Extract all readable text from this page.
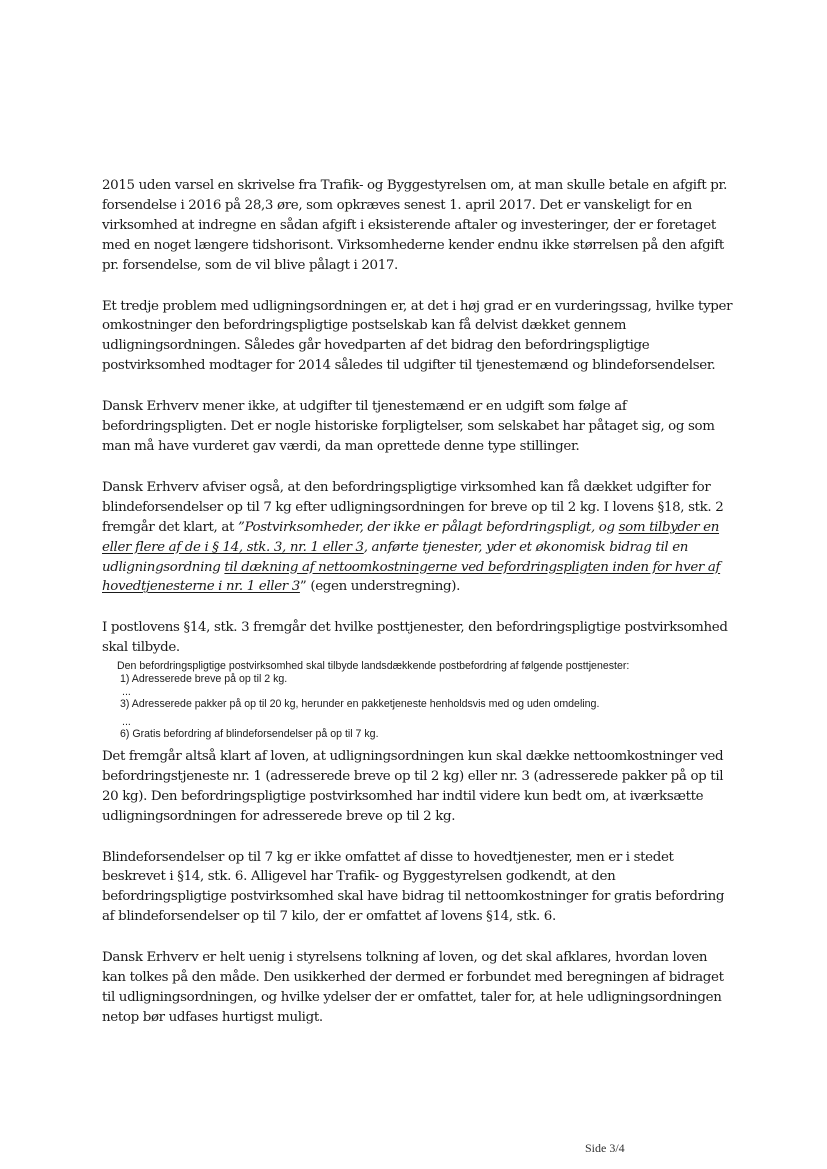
2015 uden varsel en skrivelse fra Trafik- og Byggestyrelsen om, at man skulle betale en afgift pr. forsendelse i 2016 på 28,3 øre, som opkræves senest 1. april 2017. Det er vanskeligt for en virksomhed at indregne en sådan afgift i eksisterende aftaler og investeringer, der er foretaget med en noget længere tidshorisont. Virksomhederne kender endnu ikke størrelsen på den afgift pr. forsendelse, som de vil blive pålagt i 2017.

Et tredje problem med udligningsordningen er, at det i høj grad er en vurderingssag, hvilke typer omkostninger den befordringspligtige postselskab kan få delvist dækket gennem udligningsordningen. Således går hovedparten af det bidrag den befordringspligtige postvirksomhed modtager for 2014 således til udgifter til tjenestemænd og blindeforsendelser.

Dansk Erhverv mener ikke, at udgifter til tjenestemænd er en udgift som følge af befordringspligten. Det er nogle historiske forpligtelser, som selskabet har påtaget sig, og som man må have vurderet gav værdi, da man oprettede denne type stillinger.

Dansk Erhverv afviser også, at den befordringspligtige virksomhed kan få dækket udgifter for blindeforsendelser op til 7 kg efter udligningsordningen for breve op til 2 kg. I lovens §18, stk. 2 fremgår det klart, at ”Postvirksomheder, der ikke er pålagt befordringspligt, og som tilbyder en eller flere af de i § 14, stk. 3, nr. 1 eller 3, anførte tjenester, yder et økonomisk bidrag til en udligningsordning til dækning af nettoomkostningerne ved befordringspligten inden for hver af hovedtjenesterne i nr. 1 eller 3” (egen understregning).

I postlovens §14, stk. 3 fremgår det hvilke posttjenester, den befordringspligtige postvirksomhed skal tilbyde.

Den befordringspligtige postvirksomhed skal tilbyde landsdækkende postbefordring af følgende posttjenester:

1) Adresserede breve på op til 2 kg.

...

3) Adresserede pakker på op til 20 kg, herunder en pakketjeneste henholdsvis med og uden omdeling.

...

6) Gratis befordring af blindeforsendelser på op til 7 kg.

Det fremgår altså klart af loven, at udligningsordningen kun skal dække nettoomkostninger ved befordringstjeneste nr. 1 (adresserede breve op til 2 kg) eller nr. 3 (adresserede pakker på op til 20 kg). Den befordringspligtige postvirksomhed har indtil videre kun bedt om, at iværksætte udligningsordningen for adresserede breve op til 2 kg.

Blindeforsendelser op til 7 kg er ikke omfattet af disse to hovedtjenester, men er i stedet beskrevet i §14, stk. 6. Alligevel har Trafik- og Byggestyrelsen godkendt, at den befordringspligtige postvirksomhed skal have bidrag til nettoomkostninger for gratis befordring af blindeforsendelser op til 7 kilo, der er omfattet af lovens §14, stk. 6.

Dansk Erhverv er helt uenig i styrelsens tolkning af loven, og det skal afklares, hvordan loven kan tolkes på den måde. Den usikkerhed der dermed er forbundet med beregningen af bidraget til udligningsordningen, og hvilke ydelser der er omfattet, taler for, at hele udligningsordningen netop bør udfases hurtigst muligt.

Side 3/4
